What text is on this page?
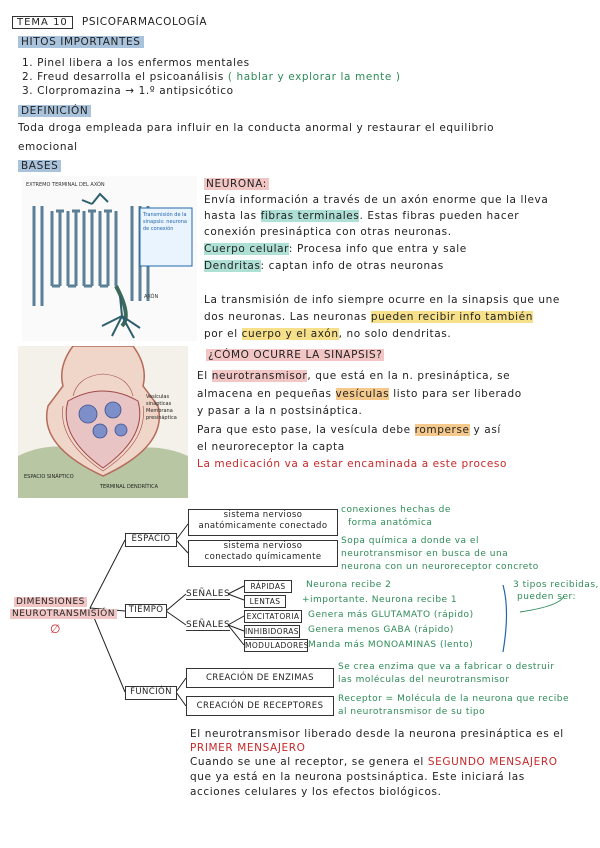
TEMA 10 PSICOFARMACOLOGÍA
HITOS IMPORTANTES
1. Pinel libera a los enfermos mentales
2. Freud desarrolla el psicoanálisis ( hablar y explorar la mente )
3. Clorpromazina → 1.º antipsicótico
DEFINICIÓN
Toda droga empleada para influir en la conducta anormal y restaurar el equilibrio
emocional
BASES
EXTREMO TERMINAL DEL AXÓN
AXÓN
Transmisión de la sinapsis: neurona de conexión
Vesículas sinápticas
Membrana presináptica
ESPACIO SINÁPTICO
TERMINAL DENDRÍTICA
NEURONA:
Envía información a través de un axón enorme que la lleva
hasta las fibras terminales. Estas fibras pueden hacer
conexión presináptica con otras neuronas.
Cuerpo celular: Procesa info que entra y sale
Dendritas: captan info de otras neuronas
La transmisión de info siempre ocurre en la sinapsis que une
dos neuronas. Las neuronas pueden recibir info también
por el cuerpo y el axón, no solo dendritas.
¿CÓMO OCURRE LA SINAPSIS?
El neurotransmisor, que está en la n. presináptica, se
almacena en pequeñas vesículas listo para ser liberado
y pasar a la n postsináptica.
Para que esto pase, la vesícula debe romperse y así
el neuroreceptor la capta
La medicación va a estar encaminada a este proceso
DIMENSIONES
NEUROTRANSMISIÓN
∅
ESPACIO
TIEMPO
FUNCIÓN
sistema nervioso
anatómicamente conectado
sistema nervioso
conectado químicamente
conexiones hechas de
forma anatómica
Sopa química a donde va el
neurotransmisor en busca de una
neurona con un neuroreceptor concreto
SEÑALES
SEÑALES
RÁPIDAS
LENTAS
EXCITATORIA
INHIBIDORAS
MODULADORES
Neurona recibe 2
+importante. Neurona recibe 1
Genera más GLUTAMATO (rápido)
Genera menos GABA (rápido)
Manda más MONOAMINAS (lento)
3 tipos recibidas,
pueden ser:
CREACIÓN DE ENZIMAS
CREACIÓN DE RECEPTORES
Se crea enzima que va a fabricar o destruir
las moléculas del neurotransmisor
Receptor = Molécula de la neurona que recibe
al neurotransmisor de su tipo
El neurotransmisor liberado desde la neurona presináptica es el
PRIMER MENSAJERO
Cuando se une al receptor, se genera el SEGUNDO MENSAJERO
que ya está en la neurona postsináptica. Este iniciará las
acciones celulares y los efectos biológicos.
